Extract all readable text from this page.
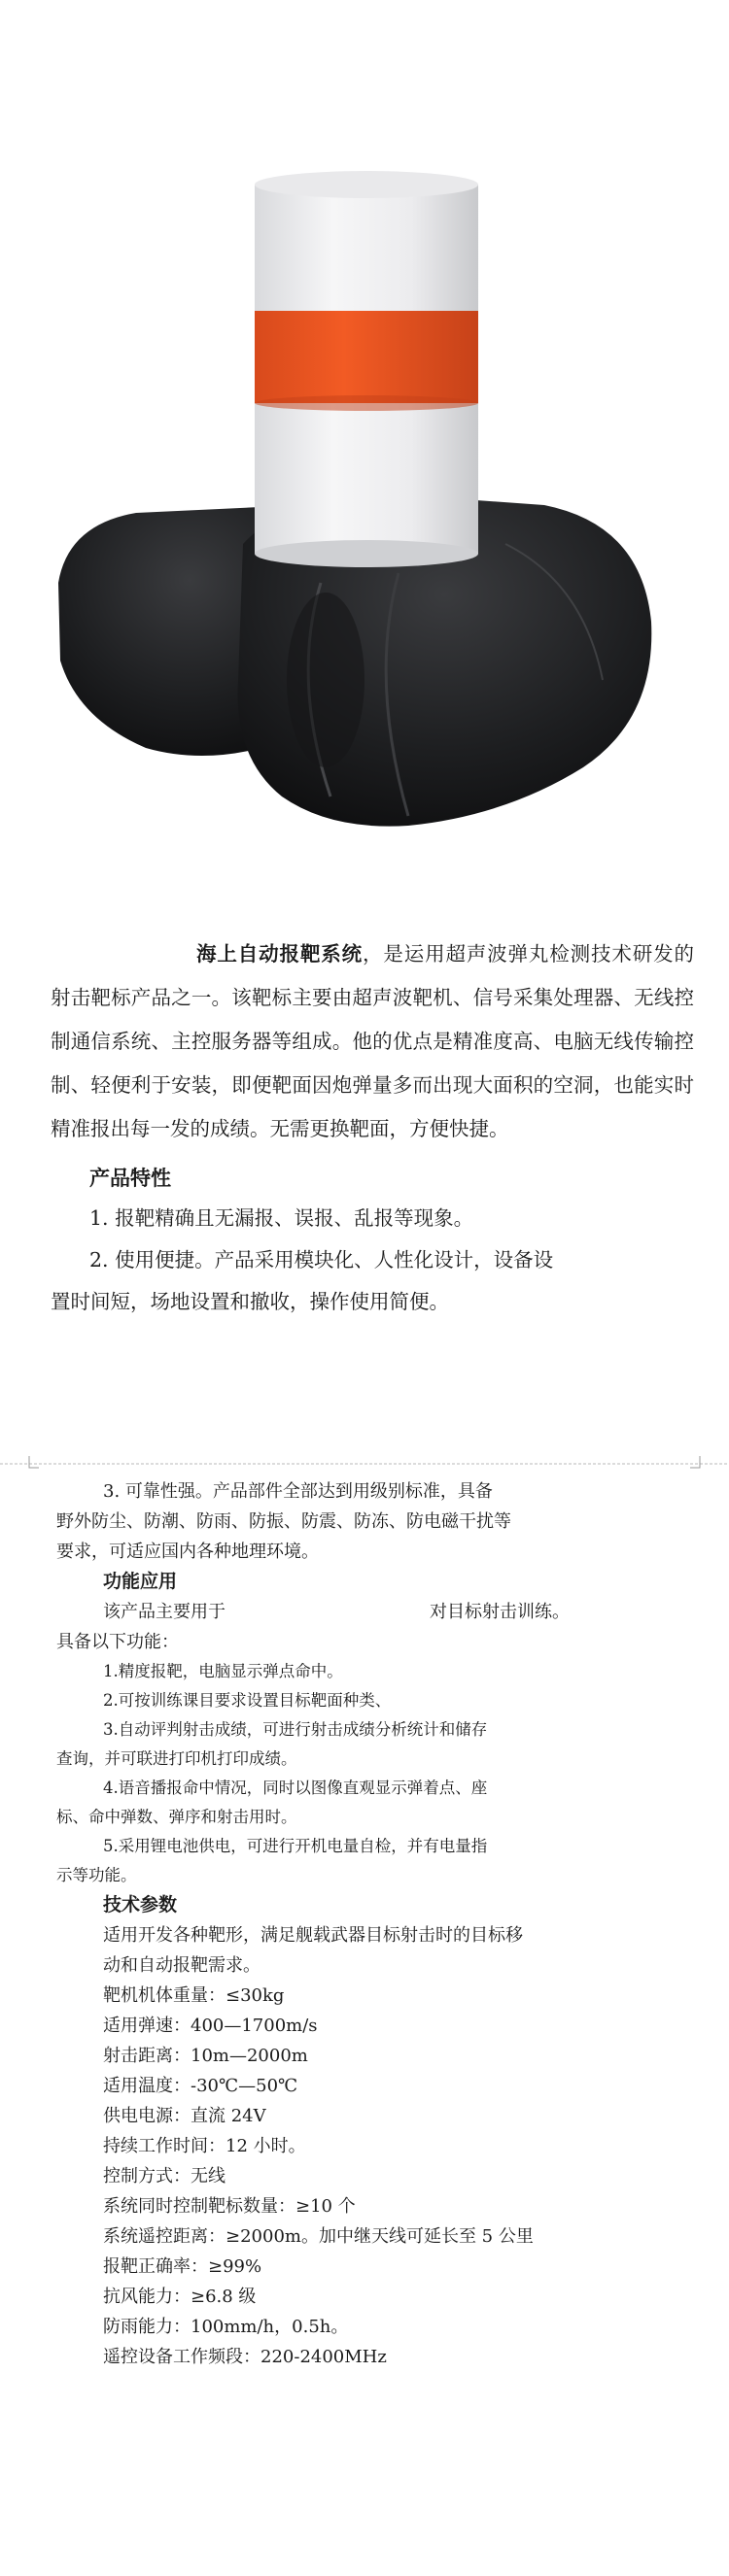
海上自动报靶系统，是运用超声波弹丸检测技术研发的射击靶标产品之一。该靶标主要由超声波靶机、信号采集处理器、无线控制通信系统、主控服务器等组成。他的优点是精准度高、电脑无线传输控制、轻便利于安装，即便靶面因炮弹量多而出现大面积的空洞，也能实时精准报出每一发的成绩。无需更换靶面，方便快捷。

产品特性

1. 报靶精确且无漏报、误报、乱报等现象。

2. 使用便捷。产品采用模块化、人性化设计，设备设

置时间短，场地设置和撤收，操作使用简便。

3. 可靠性强。产品部件全部达到用级别标准，具备

野外防尘、防潮、防雨、防振、防震、防冻、防电磁干扰等

要求，可适应国内各种地理环境。

功能应用

该产品主要用于	对目标射击训练。

具备以下功能：

1.精度报靶，电脑显示弹点命中。

2.可按训练课目要求设置目标靶面种类、

3.自动评判射击成绩，可进行射击成绩分析统计和储存

查询，并可联进打印机打印成绩。

4.语音播报命中情况，同时以图像直观显示弹着点、座

标、命中弹数、弹序和射击用时。

5.采用锂电池供电，可进行开机电量自检，并有电量指

示等功能。

技术参数

适用开发各种靶形，满足舰载武器目标射击时的目标移

动和自动报靶需求。

靶机机体重量：≤30kg

适用弹速：400—1700m/s

射击距离：10m—2000m

适用温度：-30℃—50℃

供电电源：直流 24V

持续工作时间：12 小时。

控制方式：无线

系统同时控制靶标数量：≥10 个

系统遥控距离：≥2000m。加中继天线可延长至 5 公里

报靶正确率：≥99%

抗风能力：≥6.8 级

防雨能力：100mm/h，0.5h。

遥控设备工作频段：220-2400MHz
